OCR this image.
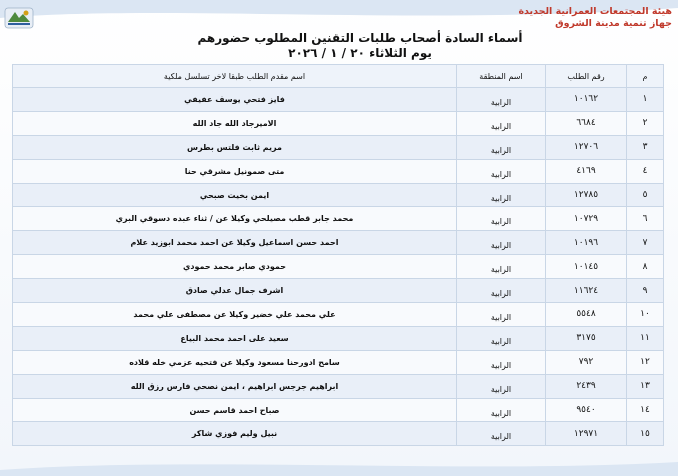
هيئة المجتمعات العمرانية الجديدة
جهاز تنمية مدينة الشروق
أسماء السادة أصحاب طلبات التقنين المطلوب حضورهم
يوم الثلاثاء ٢٠ / ١ / ٢٠٢٦
م	رقم الطلب	اسم المنطقة	اسم مقدم الطلب طبقا لاخر تسلسل ملكية
١	١٠١٦٢	الرابية	فايز فتحي يوسف عفيفي
٢	٦٦٨٤	الرابية	الاميرجاد الله جاد الله
٣	١٢٧٠٦	الرابية	مريم ثابت فلتس بطرس
٤	٤١٦٩	الرابية	متى صمونيل مشرقي حنا
٥	١٢٧٨٥	الرابية	ايمن بخيت صبحي
٦	١٠٧٢٩	الرابية	محمد جابر قطب مصيلحي وكيلا عن / ثناء عبده دسوقي البري
٧	١٠١٩٦	الرابية	احمد حسن اسماعيل وكيلا عن احمد محمد ابوزيد علام
٨	١٠١٤٥	الرابية	حمودي صابر محمد حمودي
٩	١١٦٢٤	الرابية	اشرف جمال عدلي صادق
١٠	٥٥٤٨	الرابية	علي محمد علي خضير وكيلا عن مصطفى علي محمد
١١	٣١٧٥	الرابية	سعيد على احمد محمد البياع
١٢	٧٩٢	الرابية	سامح ادورحنا مسعود وكيلا عن فتحيه عزمي خله قلاده
١٣	٢٤٣٩	الرابية	ابراهيم جرجس ابراهيم ، ايمن نصحي فارس رزق الله
١٤	٩٥٤٠	الرابية	صباح احمد قاسم حسن
١٥	١٢٩٧١	الرابية	نبيل وليم فوزي شاكر
